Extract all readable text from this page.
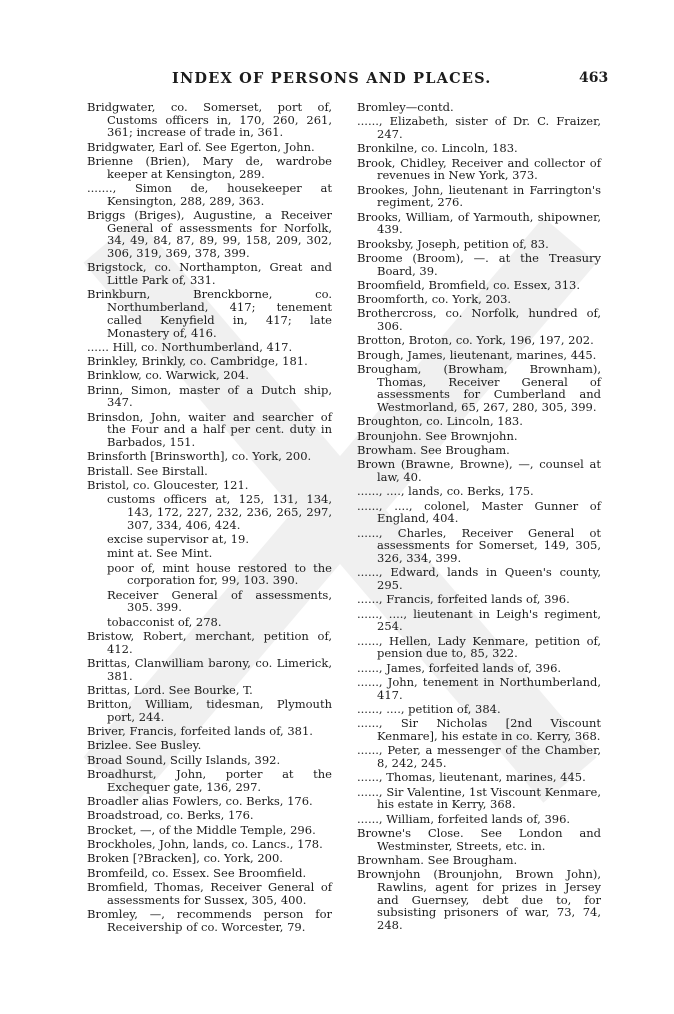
INDEX OF PERSONS AND PLACES.	463
Bridgwater, co. Somerset, port of, Customs officers in, 170, 260, 261, 361; increase of trade in, 361.
Bridgwater, Earl of. See Egerton, John.
Brienne (Brien), Mary de, wardrobe keeper at Kensington, 289.
......., Simon de, housekeeper at Kensington, 288, 289, 363.
Briggs (Briges), Augustine, a Receiver General of assessments for Norfolk, 34, 49, 84, 87, 89, 99, 158, 209, 302, 306, 319, 369, 378, 399.
Brigstock, co. Northampton, Great and Little Park of, 331.
Brinkburn, Brenckborne, co. Northumberland, 417; tenement called Kenyfield in, 417; late Monastery of, 416.
...... Hill, co. Northumberland, 417.
Brinkley, Brinkly, co. Cambridge, 181.
Brinklow, co. Warwick, 204.
Brinn, Simon, master of a Dutch ship, 347.
Brinsdon, John, waiter and searcher of the Four and a half per cent. duty in Barbados, 151.
Brinsforth [Brinsworth], co. York, 200.
Bristall. See Birstall.
Bristol, co. Gloucester, 121.
customs officers at, 125, 131, 134, 143, 172, 227, 232, 236, 265, 297, 307, 334, 406, 424.
excise supervisor at, 19.
mint at. See Mint.
poor of, mint house restored to the corporation for, 99, 103. 390.
Receiver General of assessments, 305. 399.
tobacconist of, 278.
Bristow, Robert, merchant, petition of, 412.
Brittas, Clanwilliam barony, co. Limerick, 381.
Brittas, Lord. See Bourke, T.
Britton, William, tidesman, Plymouth port, 244.
Briver, Francis, forfeited lands of, 381.
Brizlee. See Busley.
Broad Sound, Scilly Islands, 392.
Broadhurst, John, porter at the Exchequer gate, 136, 297.
Broadler alias Fowlers, co. Berks, 176.
Broadstroad, co. Berks, 176.
Brocket, —, of the Middle Temple, 296.
Brockholes, John, lands, co. Lancs., 178.
Broken [?Bracken], co. York, 200.
Bromfeild, co. Essex. See Broomfield.
Bromfield, Thomas, Receiver General of assessments for Sussex, 305, 400.
Bromley, —, recommends person for Receivership of co. Worcester, 79.
Bromley—contd.
......, Elizabeth, sister of Dr. C. Fraizer, 247.
Bronkilne, co. Lincoln, 183.
Brook, Chidley, Receiver and collector of revenues in New York, 373.
Brookes, John, lieutenant in Farrington's regiment, 276.
Brooks, William, of Yarmouth, shipowner, 439.
Brooksby, Joseph, petition of, 83.
Broome (Broom), —. at the Treasury Board, 39.
Broomfield, Bromfield, co. Essex, 313.
Broomforth, co. York, 203.
Brothercross, co. Norfolk, hundred of, 306.
Brotton, Broton, co. York, 196, 197, 202.
Brough, James, lieutenant, marines, 445.
Brougham, (Browham, Brownham), Thomas, Receiver General of assessments for Cumberland and Westmorland, 65, 267, 280, 305, 399.
Broughton, co. Lincoln, 183.
Brounjohn. See Brownjohn.
Browham. See Brougham.
Brown (Brawne, Browne), —, counsel at law, 40.
......, ...., lands, co. Berks, 175.
......, ...., colonel, Master Gunner of England, 404.
......, Charles, Receiver General ot assessments for Somerset, 149, 305, 326, 334, 399.
......, Edward, lands in Queen's county, 295.
......, Francis, forfeited lands of, 396.
......, ...., lieutenant in Leigh's regiment, 254.
......, Hellen, Lady Kenmare, petition of, pension due to, 85, 322.
......, James, forfeited lands of, 396.
......, John, tenement in Northumberland, 417.
......, ...., petition of, 384.
......, Sir Nicholas [2nd Viscount Kenmare], his estate in co. Kerry, 368.
......, Peter, a messenger of the Chamber, 8, 242, 245.
......, Thomas, lieutenant, marines, 445.
......, Sir Valentine, 1st Viscount Kenmare, his estate in Kerry, 368.
......, William, forfeited lands of, 396.
Browne's Close. See London and Westminster, Streets, etc. in.
Brownham. See Brougham.
Brownjohn (Brounjohn, Brown John), Rawlins, agent for prizes in Jersey and Guernsey, debt due to, for subsisting prisoners of war, 73, 74, 248.
